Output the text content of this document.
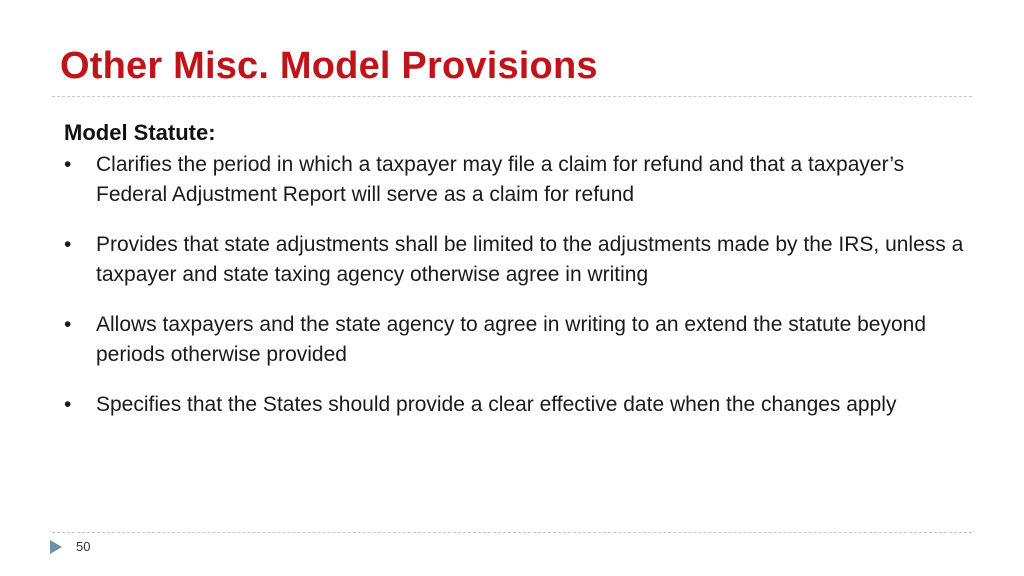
Other Misc. Model Provisions

Model Statute:

• Clarifies the period in which a taxpayer may file a claim for refund and that a taxpayer’s Federal Adjustment Report will serve as a claim for refund
• Provides that state adjustments shall be limited to the adjustments made by the IRS, unless a taxpayer and state taxing agency otherwise agree in writing
• Allows taxpayers and the state agency to agree in writing to an extend the statute beyond periods otherwise provided
• Specifies that the States should provide a clear effective date when the changes apply
50
